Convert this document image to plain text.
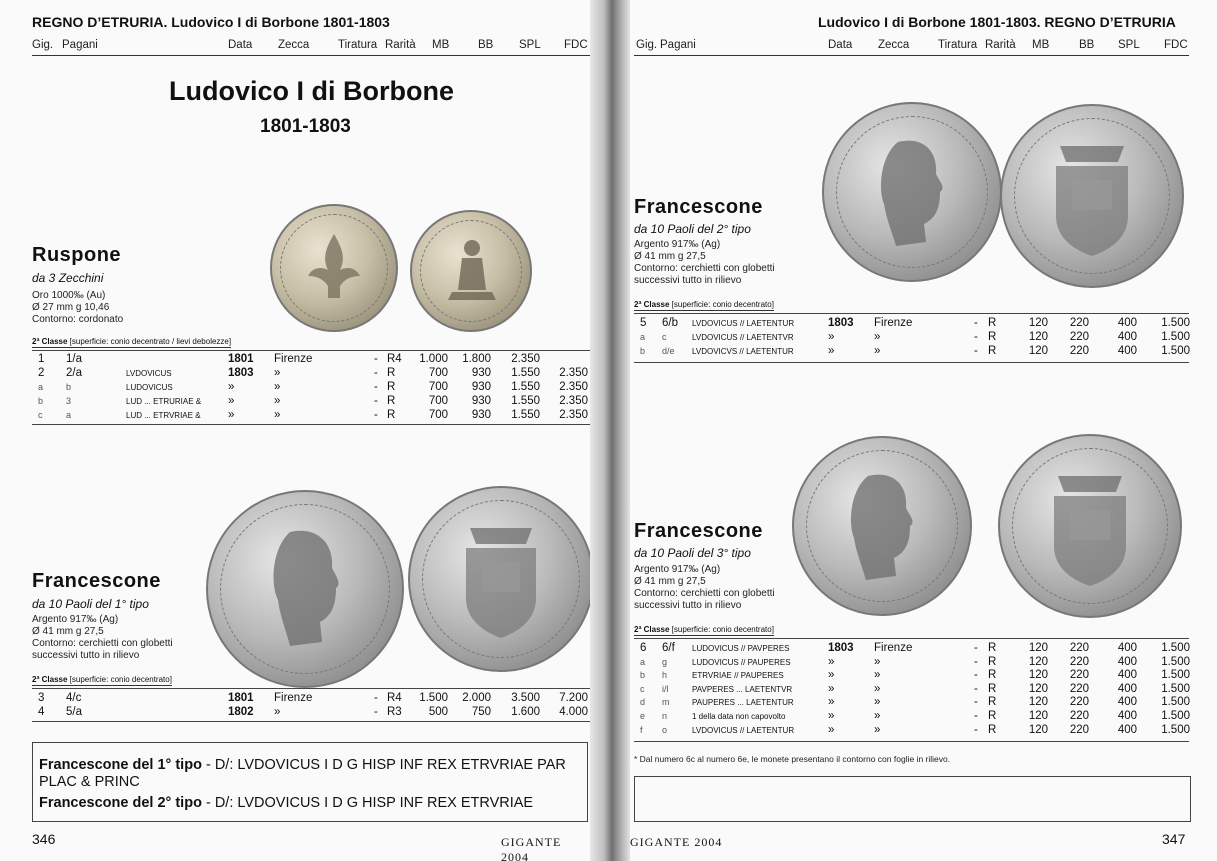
REGNO D’ETRURIA. Ludovico I di Borbone 1801-1803
Gig. Pagani	Data Zecca Tiratura Rarità MB	BB SPL FDC
Ludovico I di Borbone
1801-1803
Ruspone
da 3 Zecchini
Oro 1000‰ (Au)
Ø 27 mm g 10,46
Contorno: cordonato
2ª Classe [superficie: conio decentrato / lievi debolezze]
1 1/a	1801 Firenze	- R4	1.000	1.800	2.350
2 2/a	LVDOVICUS	1803 »	- R	700	930	1.550	2.350
a	b	LUDOVICUS	»	»	- R	700	930	1.550	2.350
b	3	LUD ... ETRURIAE & »	»	- R	700	930	1.550	2.350
c	a	LUD ... ETRVRIAE & »	»	- R	700	930	1.550	2.350
Francescone
da 10 Paoli del 1° tipo
Argento 917‰ (Ag)
Ø 41 mm g 27,5
Contorno: cerchietti con globetti
successivi tutto in rilievo
2ª Classe [superficie: conio decentrato]
3 4/c	1801 Firenze	- R4	1.500	2.000	3.500	7.200
4 5/a	1802 »	- R3	500	750	1.600	4.000

Francescone del 1° tipo - D/: LVDOVICUS I D G HISP INF REX ETRVRIAE PAR PLAC & PRINC

Francescone del 2° tipo - D/: LVDOVICUS I D G HISP INF REX ETRVRIAE

346	GIGANTE 2004
Ludovico I di Borbone 1801-1803. REGNO D’ETRURIA
Gig. Pagani	Data Zecca Tiratura Rarità MB	BB SPL FDC
Francescone
da 10 Paoli del 2° tipo
Argento 917‰ (Ag)
Ø 41 mm g 27,5
Contorno: cerchietti con globetti
successivi tutto in rilievo
2ª Classe [superficie: conio decentrato]
5 6/b LVDOVICUS // LAETENTUR	1803 Firenze	- R	120	220	400	1.500
a c	LVDOVICUS // LAETENTVR	»	»	- R	120	220	400	1.500
b d/e LVDOVICVS // LAETENTUR	»	»	- R	120	220	400	1.500
Francescone
da 10 Paoli del 3° tipo
Argento 917‰ (Ag)
Ø 41 mm g 27,5
Contorno: cerchietti con globetti
successivi tutto in rilievo
2ª Classe [superficie: conio decentrato]
6 6/f LUDOVICUS // PAVPERES	1803 Firenze	- R	120	220	400	1.500
a g	LUDOVICUS // PAUPERES	»	»	- R	120	220	400	1.500
b h	ETRVRIAE // PAUPERES	»	»	- R	120	220	400	1.500
c i/l	PAVPERES ... LAETENTVR	»	»	- R	120	220	400	1.500
d m	PAUPERES ... LAETENTUR	»	»	- R	120	220	400	1.500
e n	1 della data non capovolto	»	»	- R	120	220	400	1.500
f o	LVDOVICUS // LAETENTUR	»	»	- R	120	220	400	1.500
* Dal numero 6c al numero 6e, le monete presentano il contorno con foglie in rilievo.
GIGANTE 2004	347
